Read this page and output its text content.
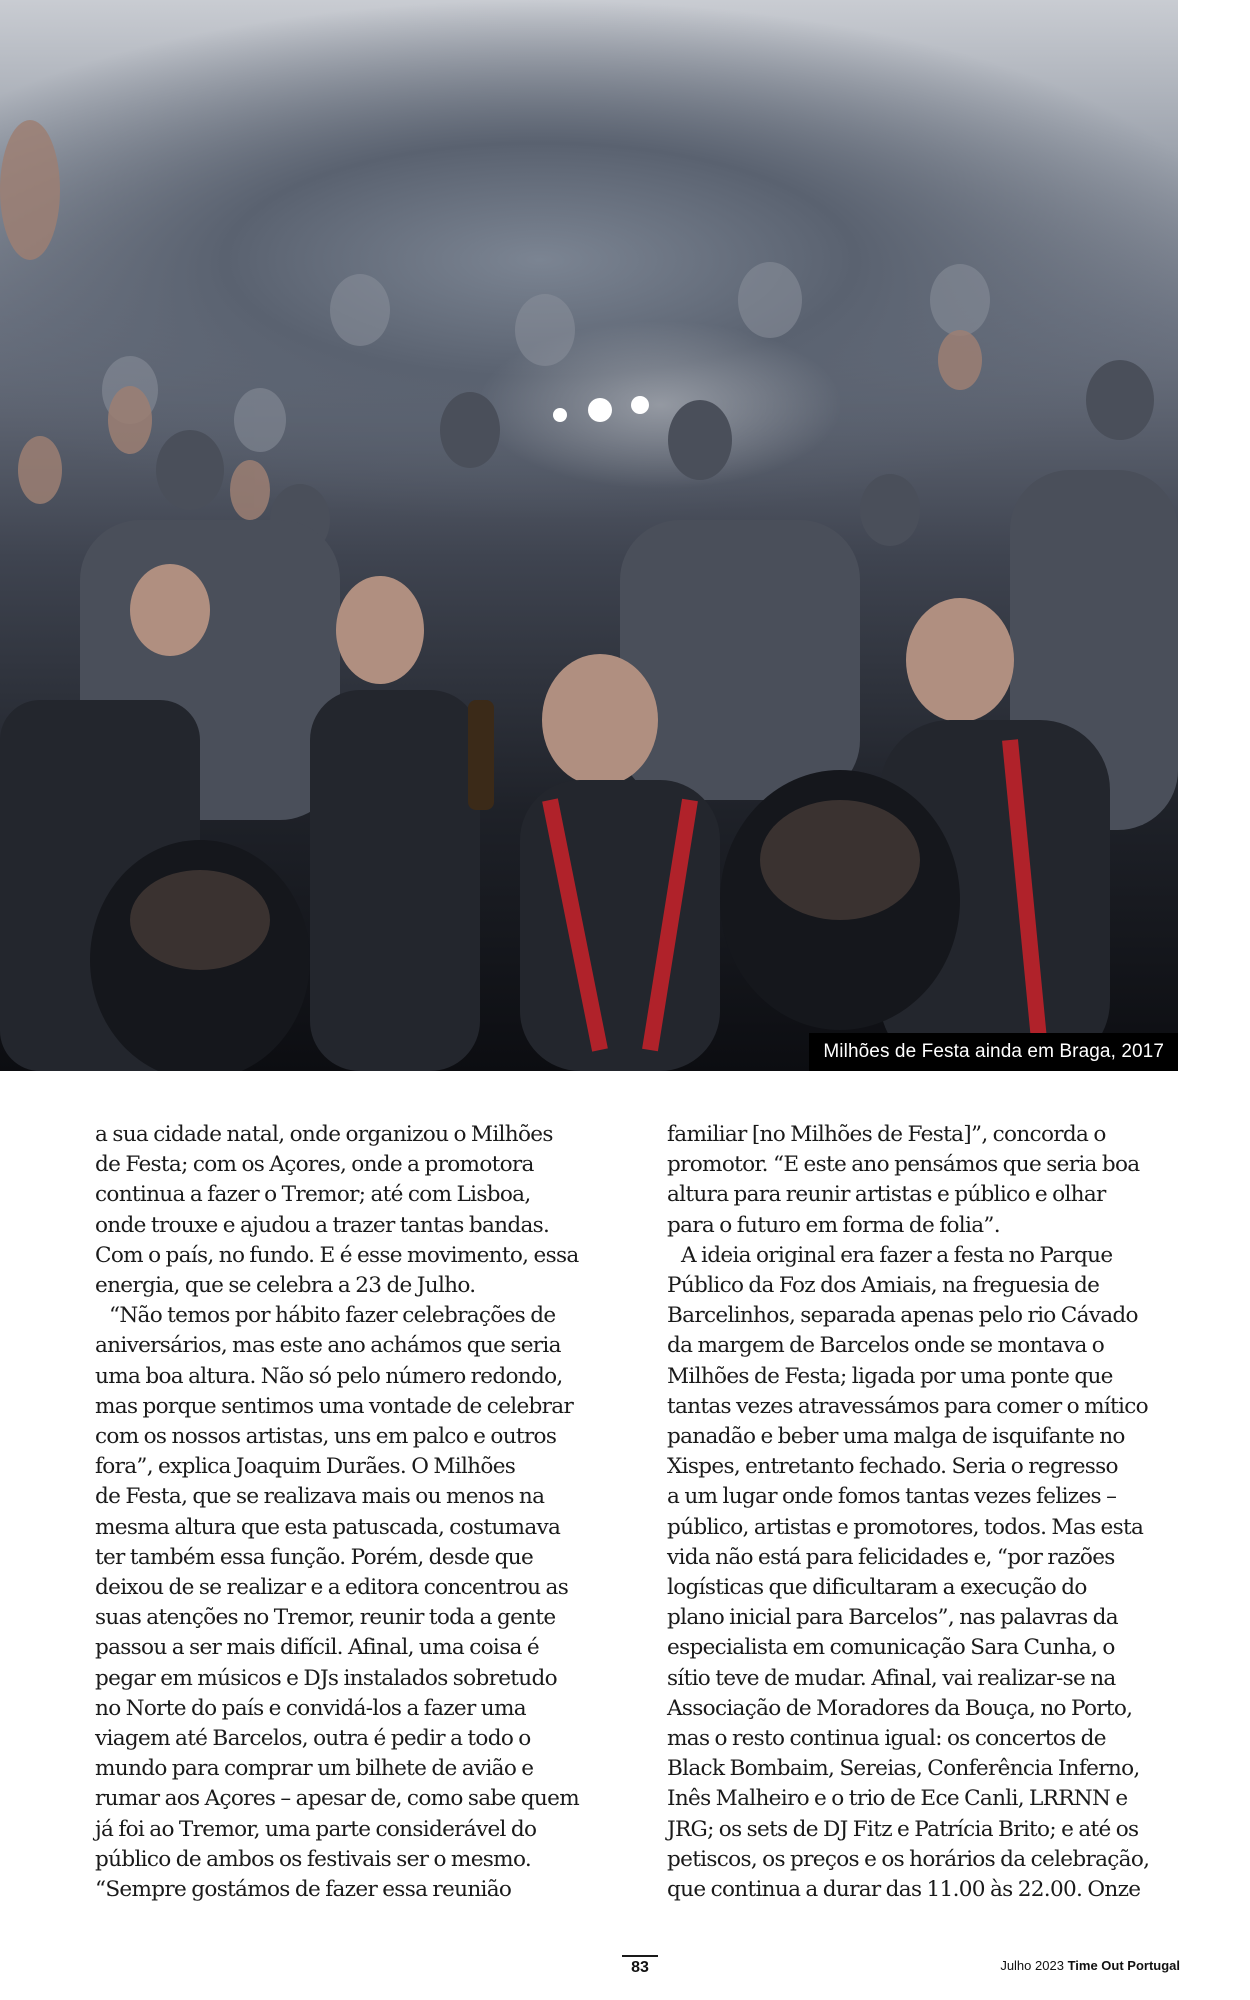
Milhões de Festa ainda em Braga, 2017

a sua cidade natal, onde organizou o Milhões

de Festa; com os Açores, onde a promotora

continua a fazer o Tremor; até com Lisboa,

onde trouxe e ajudou a trazer tantas bandas.

Com o país, no fundo. E é esse movimento, essa

energia, que se celebra a 23 de Julho.

“Não temos por hábito fazer celebrações de

aniversários, mas este ano achámos que seria

uma boa altura. Não só pelo número redondo,

mas porque sentimos uma vontade de celebrar

com os nossos artistas, uns em palco e outros

fora”, explica Joaquim Durães. O Milhões

de Festa, que se realizava mais ou menos na

mesma altura que esta patuscada, costumava

ter também essa função. Porém, desde que

deixou de se realizar e a editora concentrou as

suas atenções no Tremor, reunir toda a gente

passou a ser mais difícil. Afinal, uma coisa é

pegar em músicos e DJs instalados sobretudo

no Norte do país e convidá-los a fazer uma

viagem até Barcelos, outra é pedir a todo o

mundo para comprar um bilhete de avião e

rumar aos Açores – apesar de, como sabe quem

já foi ao Tremor, uma parte considerável do

público de ambos os festivais ser o mesmo.

“Sempre gostámos de fazer essa reunião

familiar [no Milhões de Festa]”, concorda o

promotor. “E este ano pensámos que seria boa

altura para reunir artistas e público e olhar

para o futuro em forma de folia”.

A ideia original era fazer a festa no Parque

Público da Foz dos Amiais, na freguesia de

Barcelinhos, separada apenas pelo rio Cávado

da margem de Barcelos onde se montava o

Milhões de Festa; ligada por uma ponte que

tantas vezes atravessámos para comer o mítico

panadão e beber uma malga de isquifante no

Xispes, entretanto fechado. Seria o regresso

a um lugar onde fomos tantas vezes felizes –

público, artistas e promotores, todos. Mas esta

vida não está para felicidades e, “por razões

logísticas que dificultaram a execução do

plano inicial para Barcelos”, nas palavras da

especialista em comunicação Sara Cunha, o

sítio teve de mudar. Afinal, vai realizar-se na

Associação de Moradores da Bouça, no Porto,

mas o resto continua igual: os concertos de

Black Bombaim, Sereias, Conferência Inferno,

Inês Malheiro e o trio de Ece Canli, LRRNN e

JRG; os sets de DJ Fitz e Patrícia Brito; e até os

petiscos, os preços e os horários da celebração,

que continua a durar das 11.00 às 22.00. Onze

83	Julho 2023 Time Out Portugal
